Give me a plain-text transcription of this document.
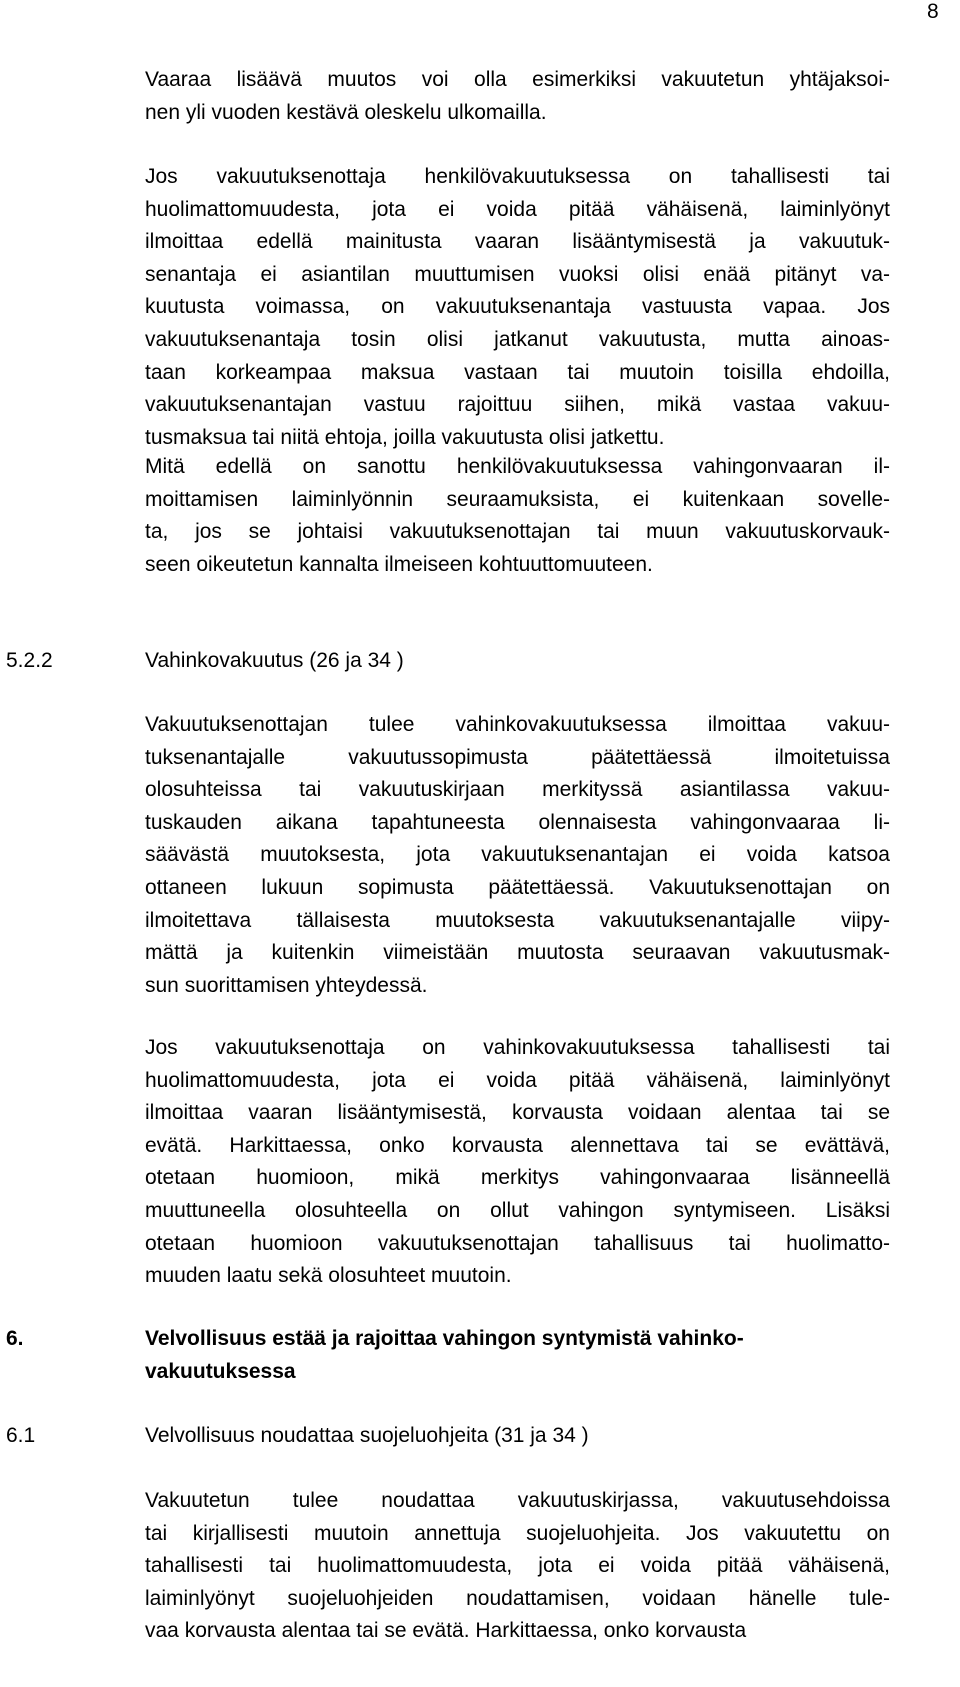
8
Vaaraa lisäävä muutos voi olla esimerkiksi vakuutetun yhtäjaksoi-
nen yli vuoden kestävä oleskelu ulkomailla.
Jos vakuutuksenottaja henkilövakuutuksessa on tahallisesti tai
huolimattomuudesta, jota ei voida pitää vähäisenä, laiminlyönyt
ilmoittaa edellä mainitusta vaaran lisääntymisestä ja vakuutuk-
senantaja ei asiantilan muuttumisen vuoksi olisi enää pitänyt va-
kuutusta voimassa, on vakuutuksenantaja vastuusta vapaa. Jos
vakuutuksenantaja tosin olisi jatkanut vakuutusta, mutta ainoas-
taan korkeampaa maksua vastaan tai muutoin toisilla ehdoilla,
vakuutuksenantajan vastuu rajoittuu siihen, mikä vastaa vakuu-
tusmaksua tai niitä ehtoja, joilla vakuutusta olisi jatkettu.
Mitä edellä on sanottu henkilövakuutuksessa vahingonvaaran il-
moittamisen laiminlyönnin seuraamuksista, ei kuitenkaan sovelle-
ta, jos se johtaisi vakuutuksenottajan tai muun vakuutuskorvauk-
seen oikeutetun kannalta ilmeiseen kohtuuttomuuteen.
5.2.2	Vahinkovakuutus (26 ja 34 )
Vakuutuksenottajan tulee vahinkovakuutuksessa ilmoittaa vakuu-
tuksenantajalle vakuutussopimusta päätettäessä ilmoitetuissa
olosuhteissa tai vakuutuskirjaan merkityssä asiantilassa vakuu-
tuskauden aikana tapahtuneesta olennaisesta vahingonvaaraa li-
säävästä muutoksesta, jota vakuutuksenantajan ei voida katsoa
ottaneen lukuun sopimusta päätettäessä. Vakuutuksenottajan on
ilmoitettava tällaisesta muutoksesta vakuutuksenantajalle viipy-
mättä ja kuitenkin viimeistään muutosta seuraavan vakuutusmak-
sun suorittamisen yhteydessä.
Jos vakuutuksenottaja on vahinkovakuutuksessa tahallisesti tai
huolimattomuudesta, jota ei voida pitää vähäisenä, laiminlyönyt
ilmoittaa vaaran lisääntymisestä, korvausta voidaan alentaa tai se
evätä. Harkittaessa, onko korvausta alennettava tai se evättävä,
otetaan huomioon, mikä merkitys vahingonvaaraa lisänneellä
muuttuneella olosuhteella on ollut vahingon syntymiseen. Lisäksi
otetaan huomioon vakuutuksenottajan tahallisuus tai huolimatto-
muuden laatu sekä olosuhteet muutoin.
6.	Velvollisuus estää ja rajoittaa vahingon syntymistä vahinko-
vakuutuksessa
6.1	Velvollisuus noudattaa suojeluohjeita (31 ja 34 )
Vakuutetun tulee noudattaa vakuutuskirjassa, vakuutusehdoissa
tai kirjallisesti muutoin annettuja suojeluohjeita. Jos vakuutettu on
tahallisesti tai huolimattomuudesta, jota ei voida pitää vähäisenä,
laiminlyönyt suojeluohjeiden noudattamisen, voidaan hänelle tule-
vaa korvausta alentaa tai se evätä. Harkittaessa, onko korvausta
